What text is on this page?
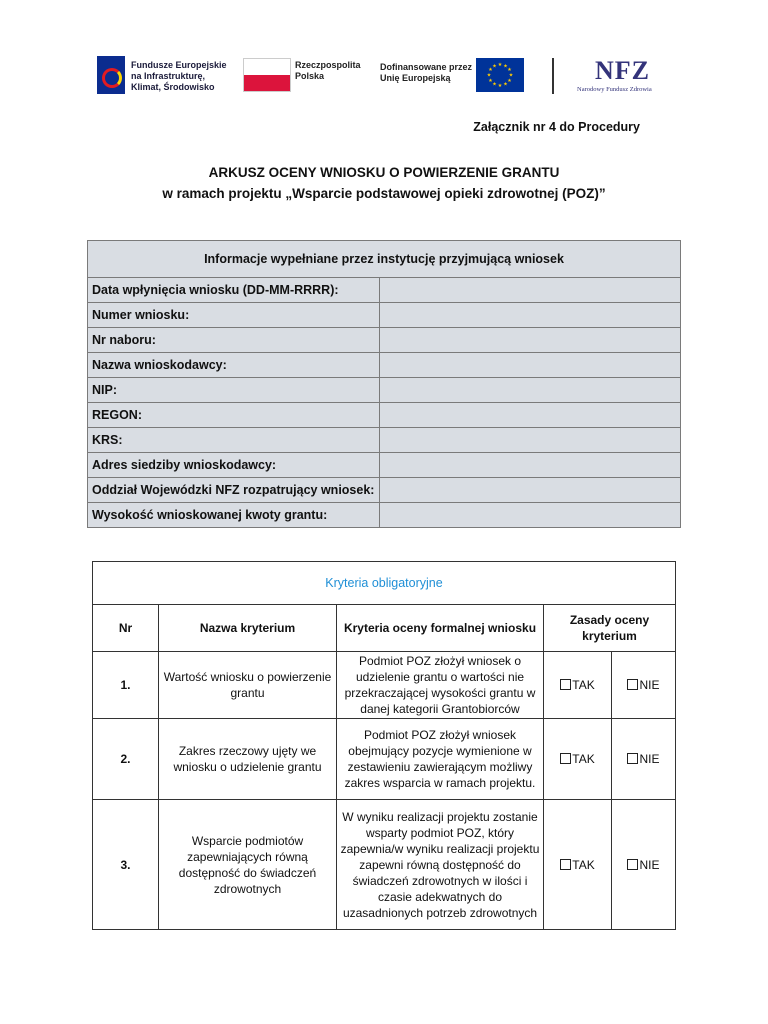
Fundusze Europejskie
na Infrastrukturę,
Klimat, Środowisko
Rzeczpospolita
Polska
Dofinansowane przez
Unię Europejską
★ ★
★
★
★
★
★
★
★
★
★
★	NFZ
Narodowy Fundusz Zdrowia
Załącznik nr 4 do Procedury
ARKUSZ OCENY WNIOSKU O POWIERZENIE GRANTU
w ramach projektu „Wsparcie podstawowej opieki zdrowotnej (POZ)”
Informacje wypełniane przez instytucję przyjmującą wniosek	
Data wpłynięcia wniosku (DD-MM-RRRR):	
Numer wniosku:	
Nr naboru:	
Nazwa wnioskodawcy:	
NIP:	
REGON:	
KRS:	
Adres siedziby wnioskodawcy:	
Oddział Wojewódzki NFZ rozpatrujący wniosek:	
Wysokość wnioskowanej kwoty grantu:	
Kryteria obligatoryjne				
Nr	Nazwa kryterium	Kryteria oceny formalnej wniosku	Zasady oceny kryterium	
1.	Wartość wniosku o powierzenie grantu	Podmiot POZ złożył wniosek o udzielenie grantu o wartości nie przekraczającej wysokości grantu w danej kategorii Grantobiorców	TAK	NIE
2.	Zakres rzeczowy ujęty we wniosku o udzielenie grantu	Podmiot POZ złożył wniosek obejmujący pozycje wymienione w zestawieniu zawierającym możliwy zakres wsparcia w ramach projektu.	TAK	NIE
3.	Wsparcie podmiotów zapewniających równą dostępność do świadczeń zdrowotnych	W wyniku realizacji projektu zostanie wsparty podmiot POZ, który zapewnia/w wyniku realizacji projektu zapewni równą dostępność do świadczeń zdrowotnych w ilości i czasie adekwatnych do uzasadnionych potrzeb zdrowotnych	TAK	NIE
